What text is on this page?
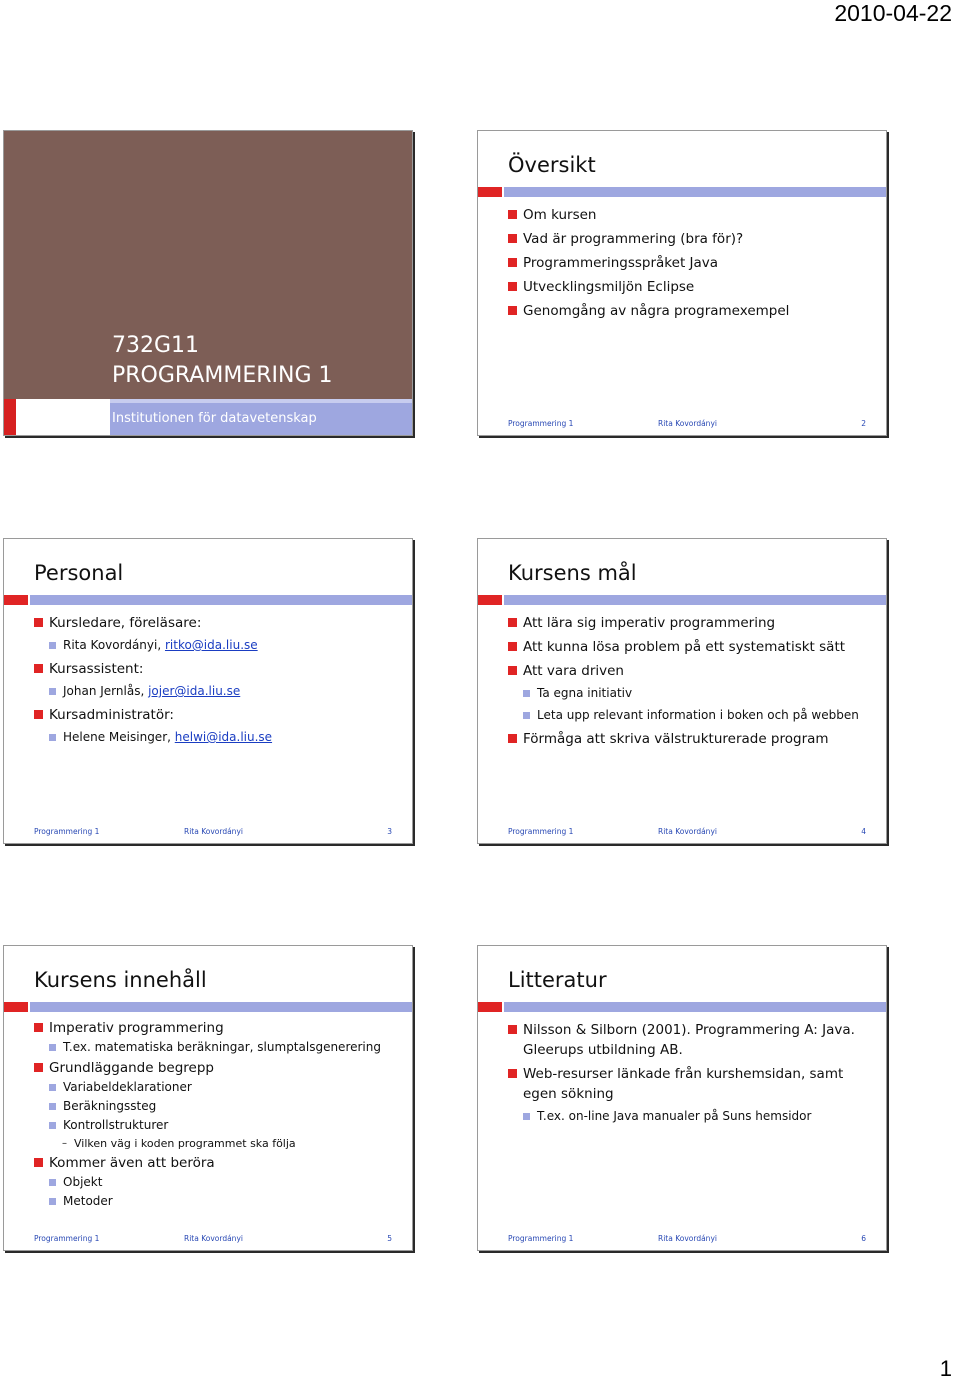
2010-04-22
732G11
PROGRAMMERING 1
Institutionen för datavetenskap
Översikt
Om kursen
Vad är programmering (bra för)?
Programmeringsspråket Java
Utvecklingsmiljön Eclipse
Genomgång av några programexempel
Programmering 1	Rita Kovordányi	2
Personal
Kursledare, föreläsare:
Rita Kovordányi, ritko@ida.liu.se
Kursassistent:
Johan Jernlås, jojer@ida.liu.se
Kursadministratör:
Helene Meisinger, helwi@ida.liu.se
Programmering 1	Rita Kovordányi	3
Kursens mål
Att lära sig imperativ programmering
Att kunna lösa problem på ett systematiskt sätt
Att vara driven
Ta egna initiativ
Leta upp relevant information i boken och på webben
Förmåga att skriva välstrukturerade program
Programmering 1	Rita Kovordányi	4
Kursens innehåll
Imperativ programmering
T.ex. matematiska beräkningar, slumptalsgenerering
Grundläggande begrepp
Variabeldeklarationer
Beräkningssteg
Kontrollstrukturer
– Vilken väg i koden programmet ska följa
Kommer även att beröra
Objekt
Metoder
Programmering 1	Rita Kovordányi	5
Litteratur
Nilsson & Silborn (2001). Programmering A: Java. Gleerups utbildning AB.
Web-resurser länkade från kurshemsidan, samt egen sökning
T.ex. on-line Java manualer på Suns hemsidor
Programmering 1	Rita Kovordányi	6
1
